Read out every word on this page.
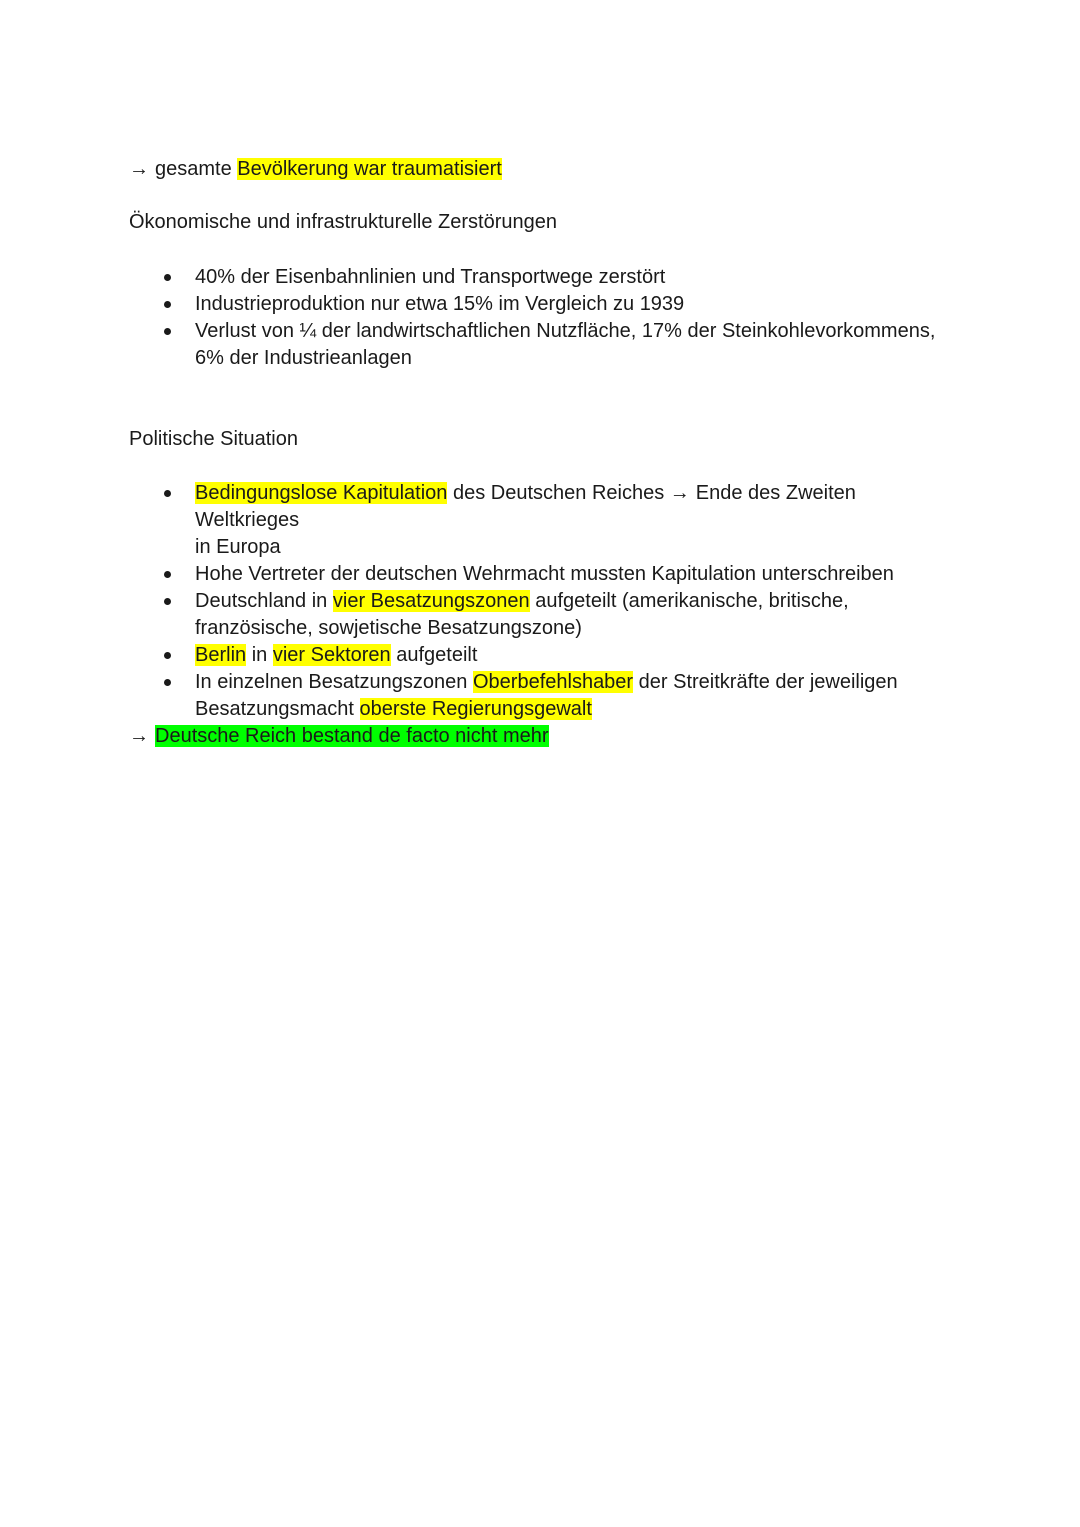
→ gesamte Bevölkerung war traumatisiert
Ökonomische und infrastrukturelle Zerstörungen
40% der Eisenbahnlinien und Transportwege zerstört
Industrieproduktion nur etwa 15% im Vergleich zu 1939
Verlust von ¼ der landwirtschaftlichen Nutzfläche, 17% der Steinkohlevorkommens,
6% der Industrieanlagen
Politische Situation
Bedingungslose Kapitulation des Deutschen Reiches → Ende des Zweiten Weltkrieges
in Europa
Hohe Vertreter der deutschen Wehrmacht mussten Kapitulation unterschreiben
Deutschland in vier Besatzungszonen aufgeteilt (amerikanische, britische,
französische, sowjetische Besatzungszone)
Berlin in vier Sektoren aufgeteilt
In einzelnen Besatzungszonen Oberbefehlshaber der Streitkräfte der jeweiligen
Besatzungsmacht oberste Regierungsgewalt
→ Deutsche Reich bestand de facto nicht mehr
